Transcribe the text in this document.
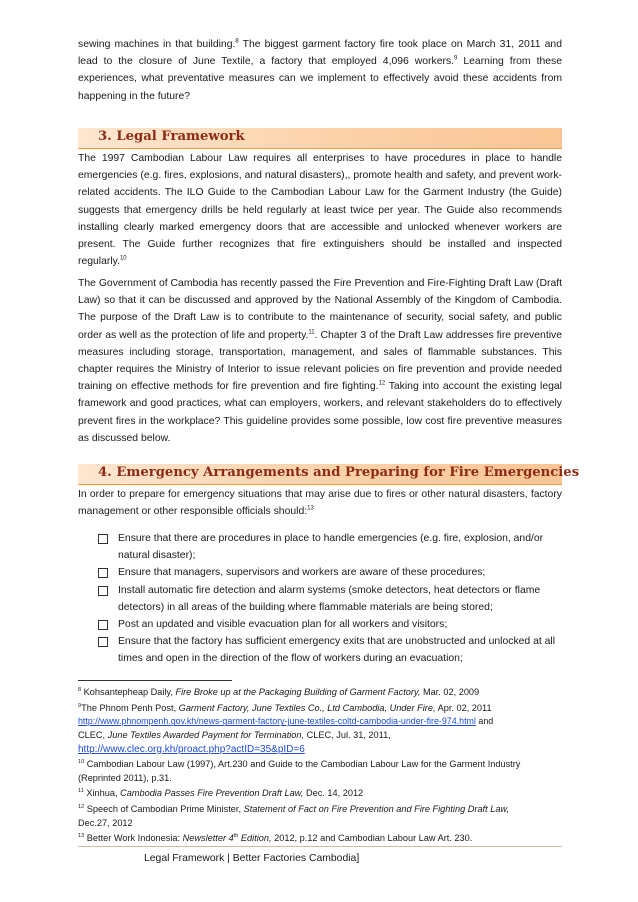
sewing machines in that building.$^8$ The biggest garment factory fire took place on March 31, 2011 and lead to the closure of June Textile, a factory that employed 4,096 workers.$^9$ Learning from these experiences, what preventative measures can we implement to effectively avoid these accidents from happening in the future?

3. Legal Framework

The 1997 Cambodian Labour Law requires all enterprises to have procedures in place to handle emergencies (e.g. fires, explosions, and natural disasters),, promote health and safety, and prevent work-related accidents. The ILO Guide to the Cambodian Labour Law for the Garment Industry (the Guide) suggests that emergency drills be held regularly at least twice per year. The Guide also recommends installing clearly marked emergency doors that are accessible and unlocked whenever workers are present. The Guide further recognizes that fire extinguishers should be installed and inspected regularly.$^{10}$

The Government of Cambodia has recently passed the Fire Prevention and Fire-Fighting Draft Law (Draft Law) so that it can be discussed and approved by the National Assembly of the Kingdom of Cambodia. The purpose of the Draft Law is to contribute to the maintenance of security, social safety, and public order as well as the protection of life and property.$^{11}$. Chapter 3 of the Draft Law addresses fire preventive measures including storage, transportation, management, and sales of flammable substances. This chapter requires the Ministry of Interior to issue relevant policies on fire prevention and provide needed training on effective methods for fire prevention and fire fighting.$^{12}$ Taking into account the existing legal framework and good practices, what can employers, workers, and relevant stakeholders do to effectively prevent fires in the workplace? This guideline provides some possible, low cost fire preventive measures as discussed below.

4. Emergency Arrangements and Preparing for Fire Emergencies

In order to prepare for emergency situations that may arise due to fires or other natural disasters, factory management or other responsible officials should:$^{13}$

Ensure that there are procedures in place to handle emergencies (e.g. fire, explosion, and/or natural disaster);
Ensure that managers, supervisors and workers are aware of these procedures;
Install automatic fire detection and alarm systems (smoke detectors, heat detectors or flame detectors) in all areas of the building where flammable materials are being stored;
Post an updated and visible evacuation plan for all workers and visitors;
Ensure that the factory has sufficient emergency exits that are unobstructed and unlocked at all times and open in the direction of the flow of workers during an evacuation;
$^8$ Kohsantepheap Daily, Fire Broke up at the Packaging Building of Garment Factory, Mar. 02, 2009
$^9$The Phnom Penh Post, Garment Factory, June Textiles Co., Ltd Cambodia, Under Fire, Apr. 02, 2011
http://www.phnompenh.gov.kh/news-garment-factory-june-textiles-coltd-cambodia-under-fire-974.html and
CLEC, June Textiles Awarded Payment for Termination, CLEC, Jul. 31, 2011,
http://www.clec.org.kh/proact.php?actID=35&pID=6
$^{10}$ Cambodian Labour Law (1997), Art.230 and Guide to the Cambodian Labour Law for the Garment Industry
(Reprinted 2011), p.31.
$^{11}$ Xinhua, Cambodia Passes Fire Prevention Draft Law, Dec. 14, 2012
$^{12}$ Speech of Cambodian Prime Minister, Statement of Fact on Fire Prevention and Fire Fighting Draft Law,
Dec.27, 2012
$^{13}$ Better Work Indonesia: Newsletter 4th Edition, 2012, p.12 and Cambodian Labour Law Art. 230.
Legal Framework | Better Factories Cambodia]
